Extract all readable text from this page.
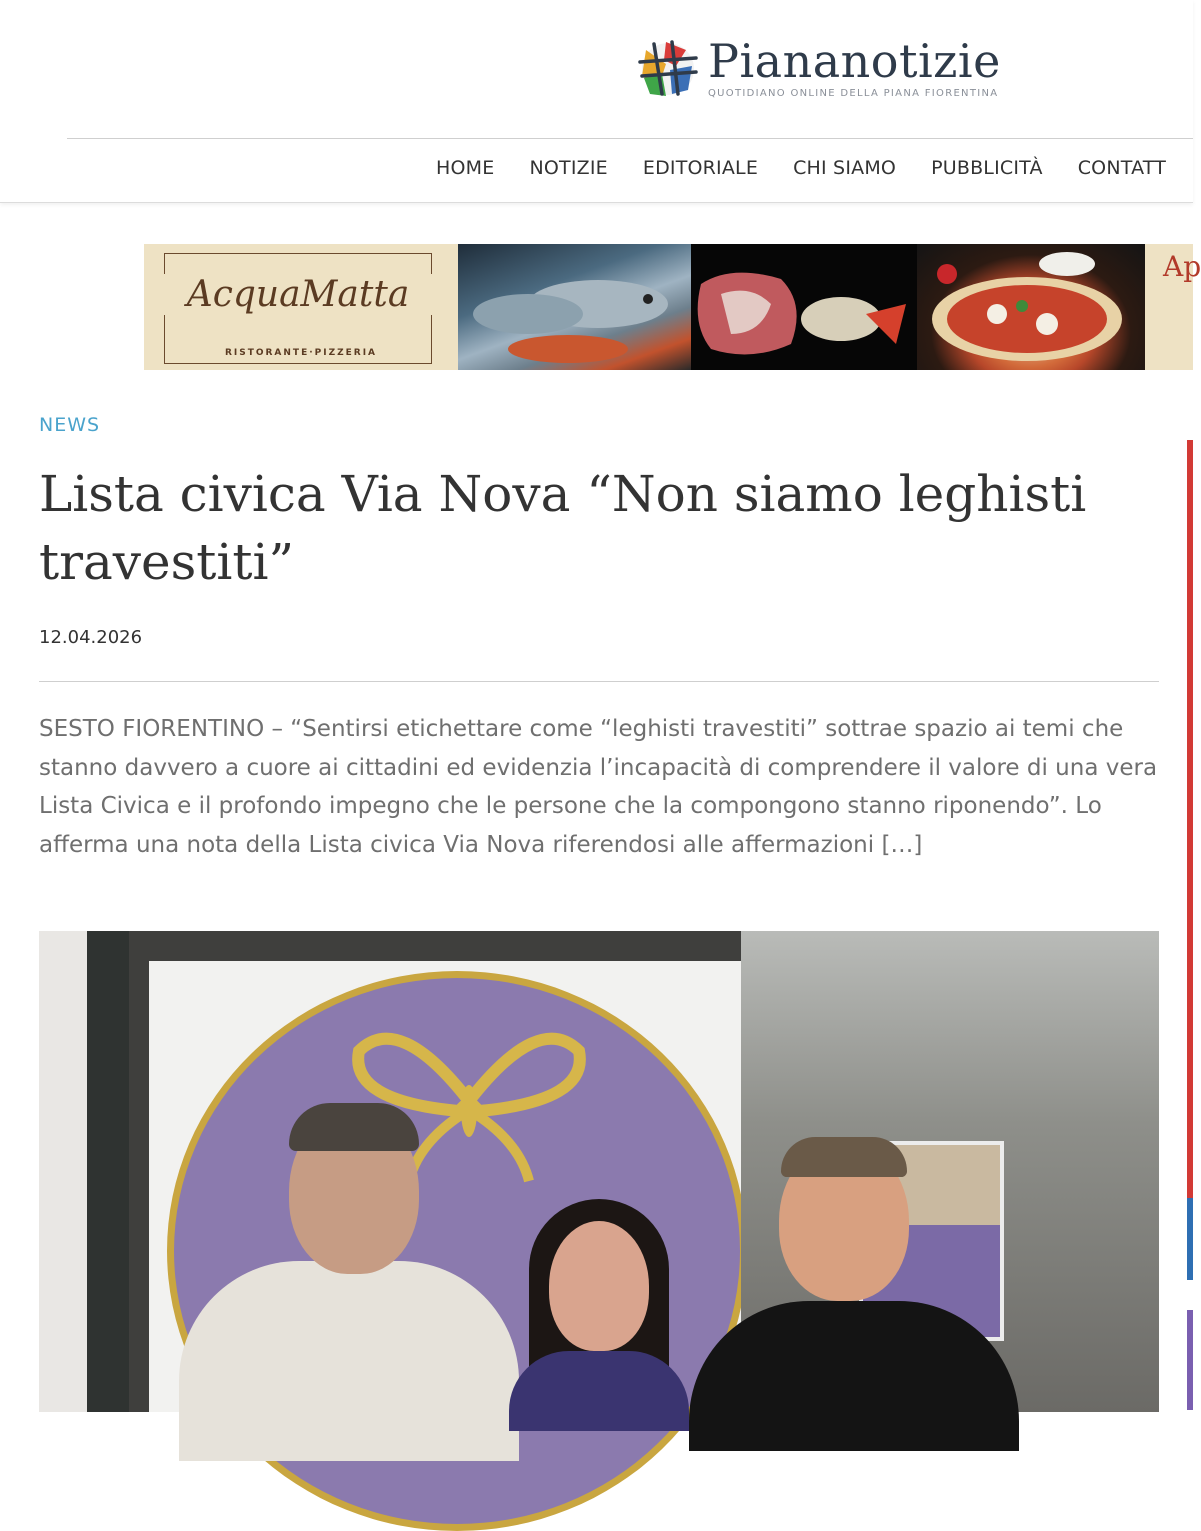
Piananotizie
QUOTIDIANO ONLINE DELLA PIANA FIORENTINA
HOME NOTIZIE EDITORIALE CHI SIAMO PUBBLICITÀ CONTATT
AcquaMatta
RISTORANTE·PIZZERIA
Ap
NEWS
Lista civica Via Nova “Non siamo leghisti travestiti”
12.04.2026

SESTO FIORENTINO – “Sentirsi etichettare come “leghisti travestiti” sottrae spazio ai temi che stanno davvero a cuore ai cittadini ed evidenzia l’incapacità di comprendere il valore di una vera Lista Civica e il profondo impegno che le persone che la compongono stanno riponendo”. Lo afferma una nota della Lista civica Via Nova riferendosi alle affermazioni […]
